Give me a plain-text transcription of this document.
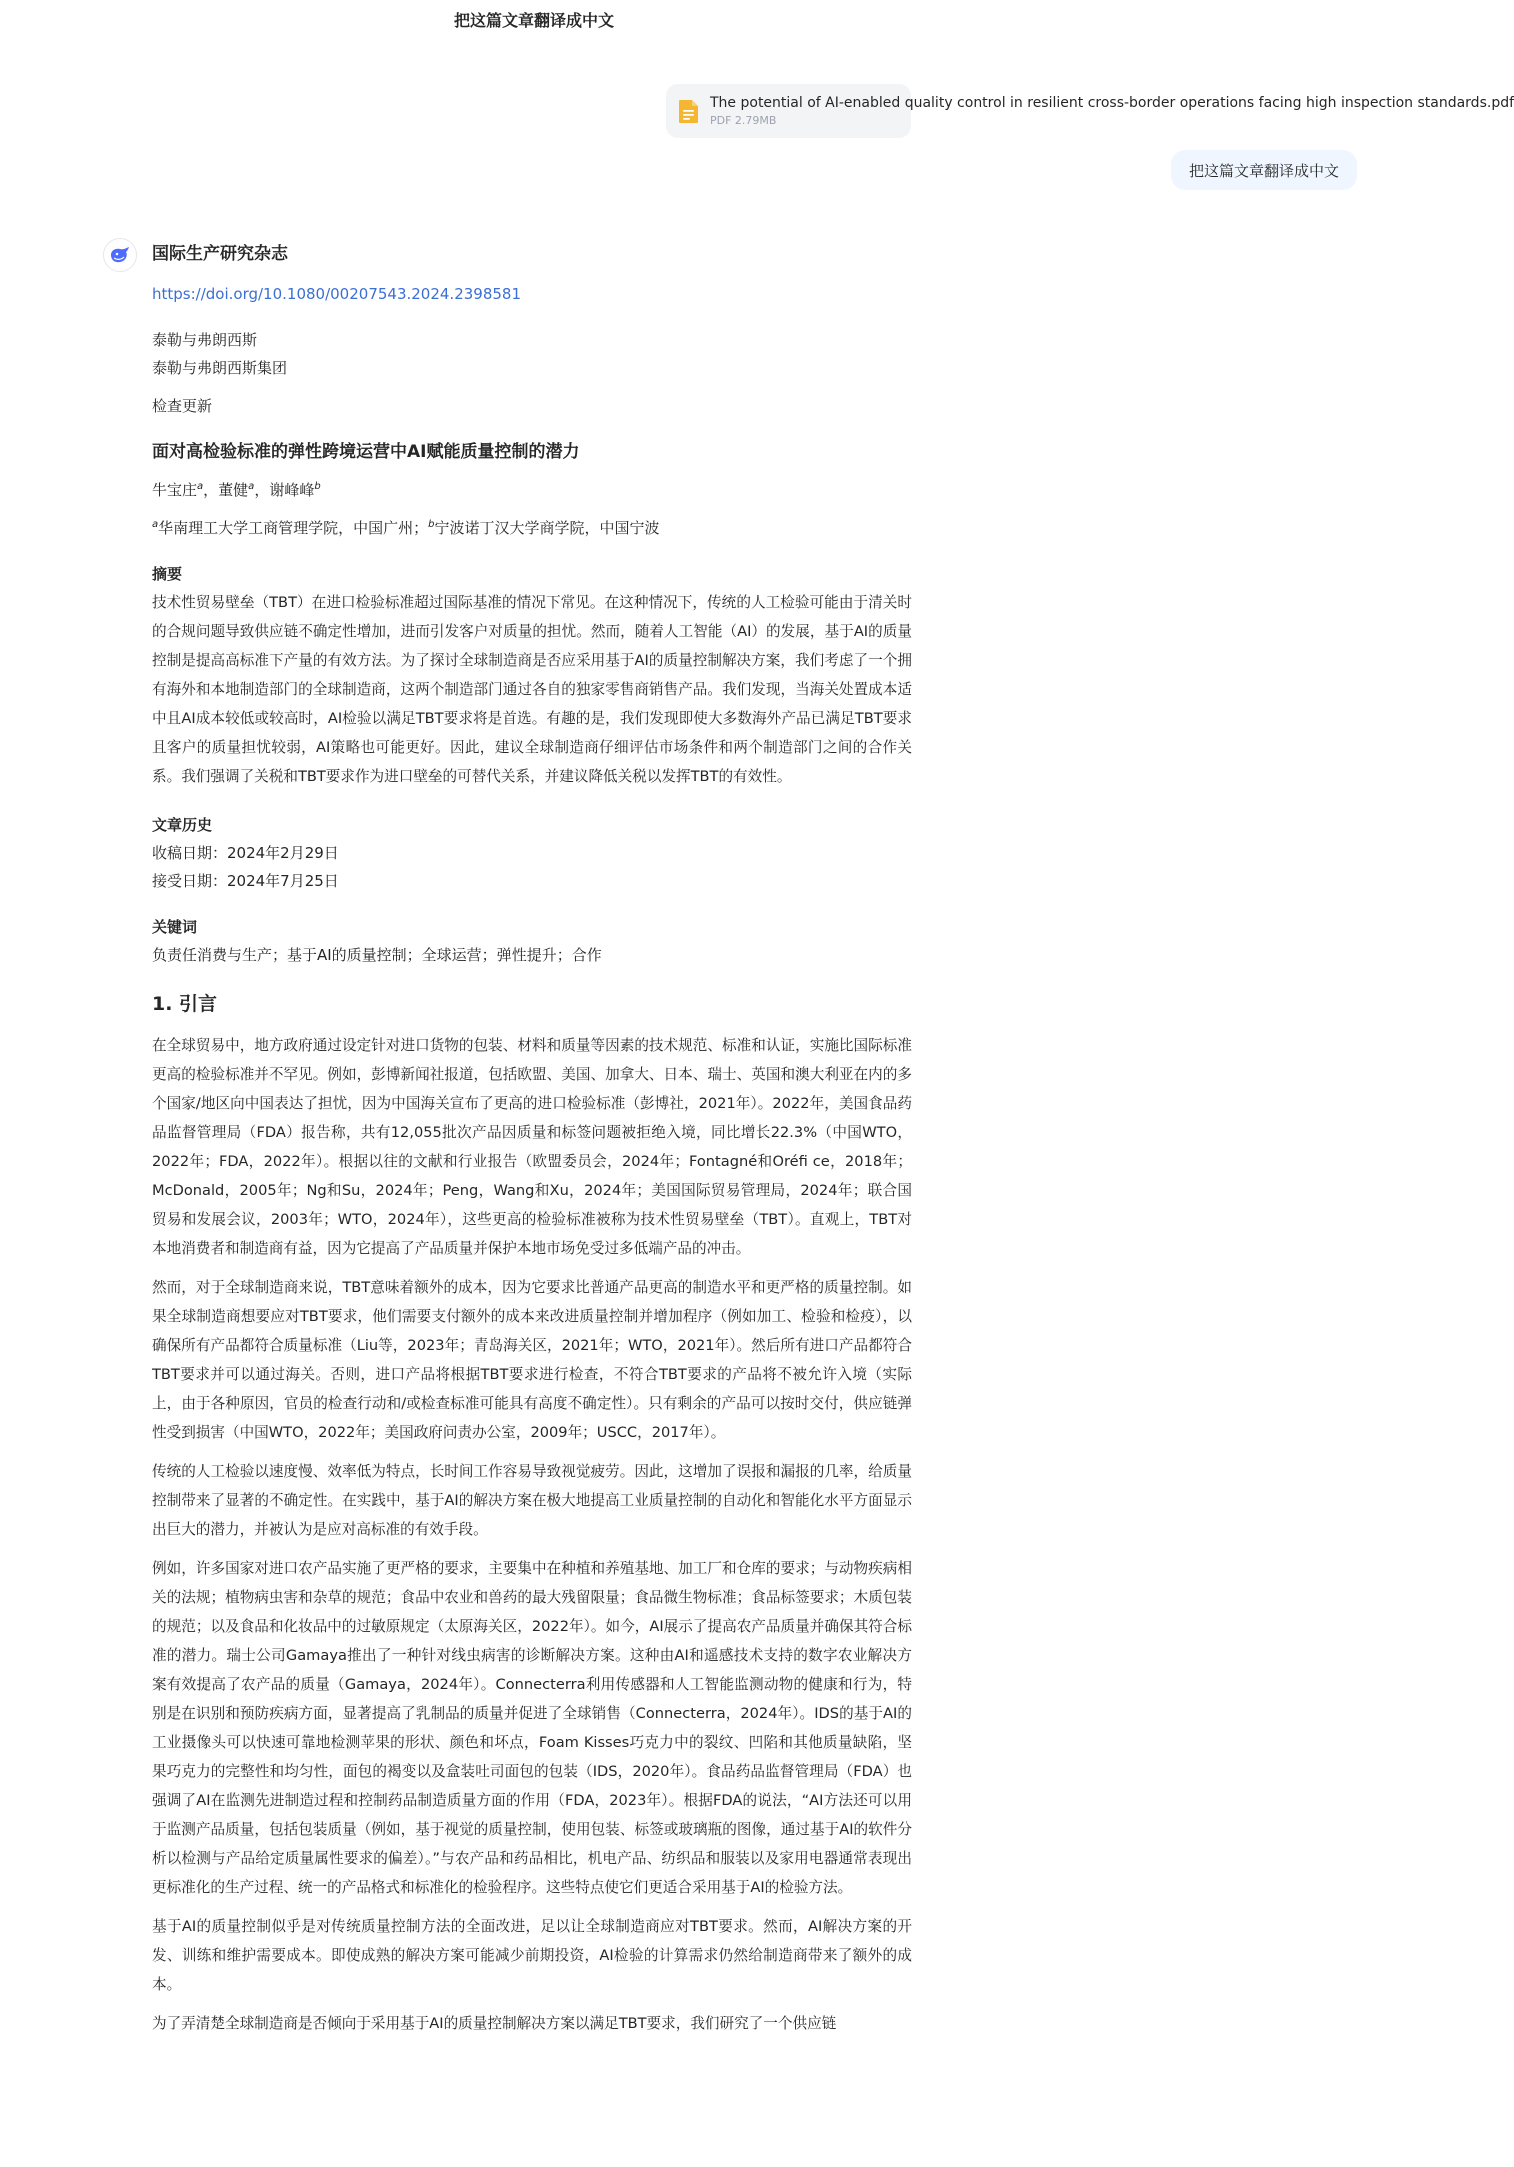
把这篇文章翻译成中文
The potential of AI-enabled quality control in resilient cross-border operations facing high inspection standards.pdf
PDF 2.79MB
把这篇文章翻译成中文
国际生产研究杂志
https://doi.org/10.1080/00207543.2024.2398581

泰勒与弗朗西斯

泰勒与弗朗西斯集团

检查更新

面对高检验标准的弹性跨境运营中AI赋能质量控制的潜力

牛宝庄$^a$，董健$^a$，谢峰峰$^b$

$^a$华南理工大学工商管理学院，中国广州；$^b$宁波诺丁汉大学商学院，中国宁波

摘要

技术性贸易壁垒（TBT）在进口检验标准超过国际基准的情况下常见。在这种情况下，传统的人工检验可能由于清关时的合规问题导致供应链不确定性增加，进而引发客户对质量的担忧。然而，随着人工智能（AI）的发展，基于AI的质量控制是提高高标准下产量的有效方法。为了探讨全球制造商是否应采用基于AI的质量控制解决方案，我们考虑了一个拥有海外和本地制造部门的全球制造商，这两个制造部门通过各自的独家零售商销售产品。我们发现，当海关处置成本适中且AI成本较低或较高时，AI检验以满足TBT要求将是首选。有趣的是，我们发现即使大多数海外产品已满足TBT要求且客户的质量担忧较弱，AI策略也可能更好。因此，建议全球制造商仔细评估市场条件和两个制造部门之间的合作关系。我们强调了关税和TBT要求作为进口壁垒的可替代关系，并建议降低关税以发挥TBT的有效性。

文章历史

收稿日期：2024年2月29日

接受日期：2024年7月25日

关键词

负责任消费与生产；基于AI的质量控制；全球运营；弹性提升；合作

1. 引言

在全球贸易中，地方政府通过设定针对进口货物的包装、材料和质量等因素的技术规范、标准和认证，实施比国际标准更高的检验标准并不罕见。例如，彭博新闻社报道，包括欧盟、美国、加拿大、日本、瑞士、英国和澳大利亚在内的多个国家/地区向中国表达了担忧，因为中国海关宣布了更高的进口检验标准（彭博社，2021年）。2022年，美国食品药品监督管理局（FDA）报告称，共有12,055批次产品因质量和标签问题被拒绝入境，同比增长22.3%（中国WTO，2022年；FDA，2022年）。根据以往的文献和行业报告（欧盟委员会，2024年；Fontagné和Oréfi ce，2018年；McDonald，2005年；Ng和Su，2024年；Peng，Wang和Xu，2024年；美国国际贸易管理局，2024年；联合国贸易和发展会议，2003年；WTO，2024年），这些更高的检验标准被称为技术性贸易壁垒（TBT）。直观上，TBT对本地消费者和制造商有益，因为它提高了产品质量并保护本地市场免受过多低端产品的冲击。

然而，对于全球制造商来说，TBT意味着额外的成本，因为它要求比普通产品更高的制造水平和更严格的质量控制。如果全球制造商想要应对TBT要求，他们需要支付额外的成本来改进质量控制并增加程序（例如加工、检验和检疫），以确保所有产品都符合质量标准（Liu等，2023年；青岛海关区，2021年；WTO，2021年）。然后所有进口产品都符合TBT要求并可以通过海关。否则，进口产品将根据TBT要求进行检查，不符合TBT要求的产品将不被允许入境（实际上，由于各种原因，官员的检查行动和/或检查标准可能具有高度不确定性）。只有剩余的产品可以按时交付，供应链弹性受到损害（中国WTO，2022年；美国政府问责办公室，2009年；USCC，2017年）。

传统的人工检验以速度慢、效率低为特点，长时间工作容易导致视觉疲劳。因此，这增加了误报和漏报的几率，给质量控制带来了显著的不确定性。在实践中，基于AI的解决方案在极大地提高工业质量控制的自动化和智能化水平方面显示出巨大的潜力，并被认为是应对高标准的有效手段。

例如，许多国家对进口农产品实施了更严格的要求，主要集中在种植和养殖基地、加工厂和仓库的要求；与动物疾病相关的法规；植物病虫害和杂草的规范；食品中农业和兽药的最大残留限量；食品微生物标准；食品标签要求；木质包装的规范；以及食品和化妆品中的过敏原规定（太原海关区，2022年）。如今，AI展示了提高农产品质量并确保其符合标准的潜力。瑞士公司Gamaya推出了一种针对线虫病害的诊断解决方案。这种由AI和遥感技术支持的数字农业解决方案有效提高了农产品的质量（Gamaya，2024年）。Connecterra利用传感器和人工智能监测动物的健康和行为，特别是在识别和预防疾病方面，显著提高了乳制品的质量并促进了全球销售（Connecterra，2024年）。IDS的基于AI的工业摄像头可以快速可靠地检测苹果的形状、颜色和坏点，Foam Kisses巧克力中的裂纹、凹陷和其他质量缺陷，坚果巧克力的完整性和均匀性，面包的褐变以及盒装吐司面包的包装（IDS，2020年）。食品药品监督管理局（FDA）也强调了AI在监测先进制造过程和控制药品制造质量方面的作用（FDA，2023年）。根据FDA的说法，“AI方法还可以用于监测产品质量，包括包装质量（例如，基于视觉的质量控制，使用包装、标签或玻璃瓶的图像，通过基于AI的软件分析以检测与产品给定质量属性要求的偏差）。”与农产品和药品相比，机电产品、纺织品和服装以及家用电器通常表现出更标准化的生产过程、统一的产品格式和标准化的检验程序。这些特点使它们更适合采用基于AI的检验方法。

基于AI的质量控制似乎是对传统质量控制方法的全面改进，足以让全球制造商应对TBT要求。然而，AI解决方案的开发、训练和维护需要成本。即使成熟的解决方案可能减少前期投资，AI检验的计算需求仍然给制造商带来了额外的成本。

为了弄清楚全球制造商是否倾向于采用基于AI的质量控制解决方案以满足TBT要求，我们研究了一个供应链
